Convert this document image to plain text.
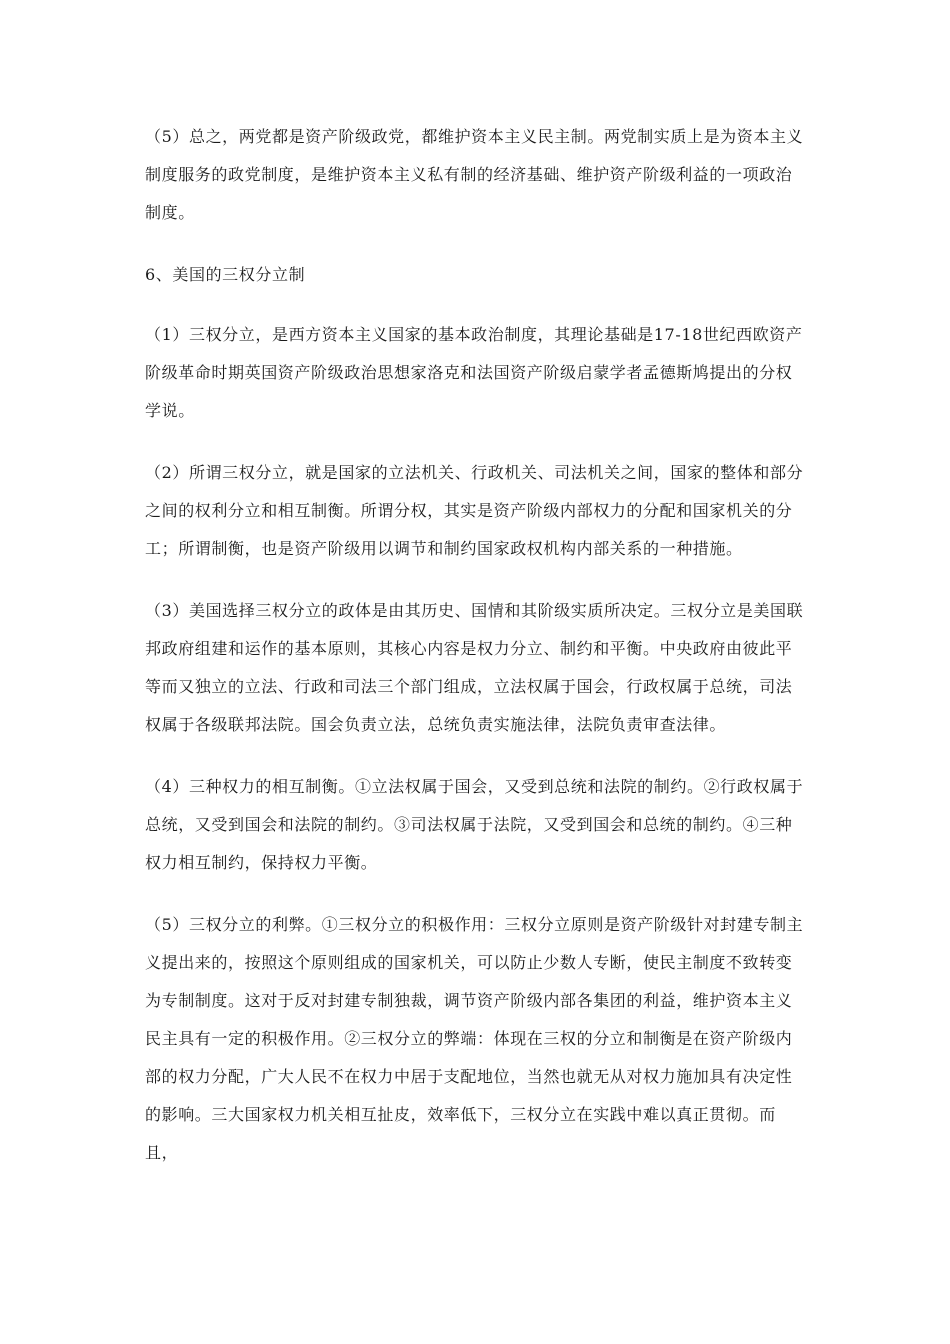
（5）总之，两党都是资产阶级政党，都维护资本主义民主制。两党制实质上是为资本主义制度服务的政党制度，是维护资本主义私有制的经济基础、维护资产阶级利益的一项政治制度。

6、美国的三权分立制

（1）三权分立，是西方资本主义国家的基本政治制度，其理论基础是17-18世纪西欧资产阶级革命时期英国资产阶级政治思想家洛克和法国资产阶级启蒙学者孟德斯鸠提出的分权学说。

（2）所谓三权分立，就是国家的立法机关、行政机关、司法机关之间，国家的整体和部分之间的权利分立和相互制衡。所谓分权，其实是资产阶级内部权力的分配和国家机关的分工；所谓制衡，也是资产阶级用以调节和制约国家政权机构内部关系的一种措施。

（3）美国选择三权分立的政体是由其历史、国情和其阶级实质所决定。三权分立是美国联邦政府组建和运作的基本原则，其核心内容是权力分立、制约和平衡。中央政府由彼此平等而又独立的立法、行政和司法三个部门组成，立法权属于国会，行政权属于总统，司法权属于各级联邦法院。国会负责立法，总统负责实施法律，法院负责审查法律。

（4）三种权力的相互制衡。①立法权属于国会，又受到总统和法院的制约。②行政权属于总统，又受到国会和法院的制约。③司法权属于法院，又受到国会和总统的制约。④三种权力相互制约，保持权力平衡。

（5）三权分立的利弊。①三权分立的积极作用：三权分立原则是资产阶级针对封建专制主义提出来的，按照这个原则组成的国家机关，可以防止少数人专断，使民主制度不致转变为专制制度。这对于反对封建专制独裁，调节资产阶级内部各集团的利益，维护资本主义民主具有一定的积极作用。②三权分立的弊端：体现在三权的分立和制衡是在资产阶级内部的权力分配，广大人民不在权力中居于支配地位，当然也就无从对权力施加具有决定性的影响。三大国家权力机关相互扯皮，效率低下，三权分立在实践中难以真正贯彻。而且，
